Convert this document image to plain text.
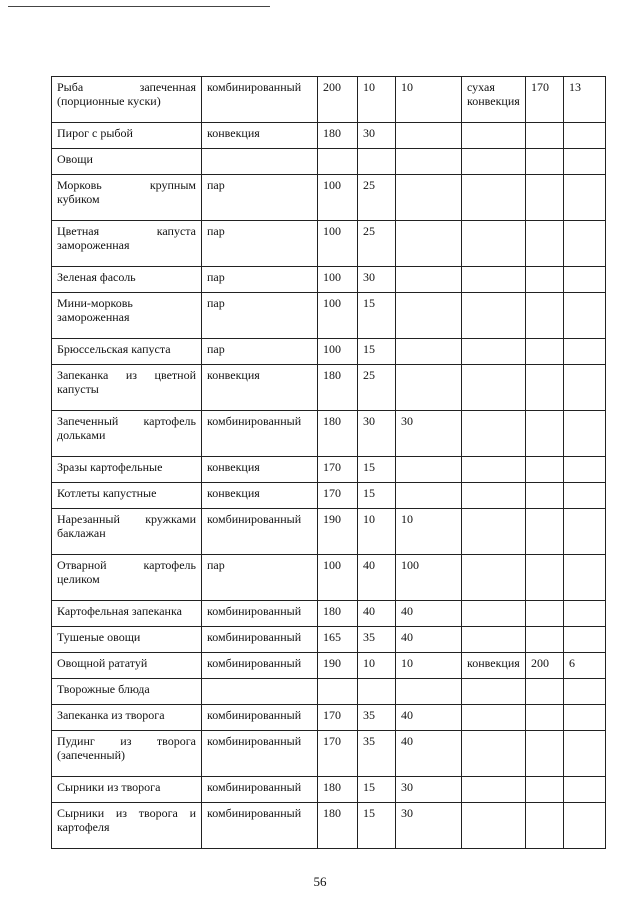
Рыба запеченная (порционные куски)	комбинированный	200	10	10	сухая конвекция	170	13
Пирог с рыбой	конвекция	180	30				
Овощи							
Морковь крупным кубиком	пар	100	25				
Цветная капуста замороженная	пар	100	25				
Зеленая фасоль	пар	100	30				
Мини-морковь замороженная	пар	100	15				
Брюссельская капуста	пар	100	15				
Запеканка из цветной капусты	конвекция	180	25				
Запеченный картофель дольками	комбинированный	180	30	30			
Зразы картофельные	конвекция	170	15				
Котлеты капустные	конвекция	170	15				
Нарезанный кружками баклажан	комбинированный	190	10	10			
Отварной картофель целиком	пар	100	40	100			
Картофельная запеканка	комбинированный	180	40	40			
Тушеные овощи	комбинированный	165	35	40			
Овощной рататуй	комбинированный	190	10	10	конвекция	200	6
Творожные блюда							
Запеканка из творога	комбинированный	170	35	40			
Пудинг из творога (запеченный)	комбинированный	170	35	40			
Сырники из творога	комбинированный	180	15	30			
Сырники из творога и картофеля	комбинированный	180	15	30			
56
